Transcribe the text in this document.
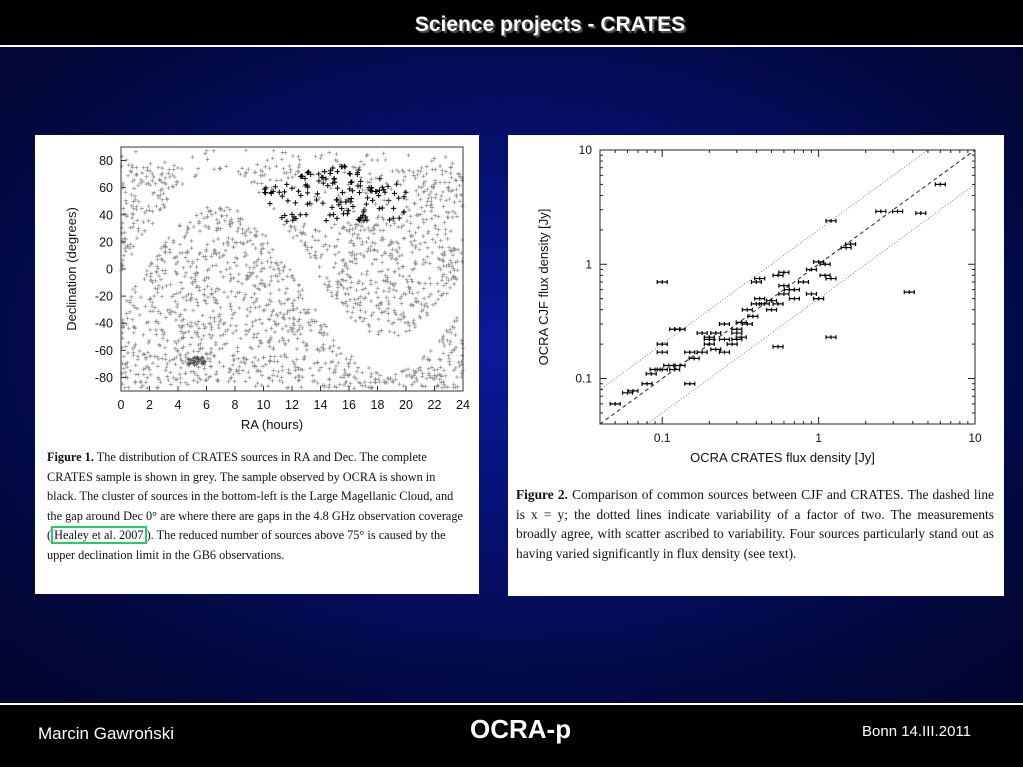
Science projects - CRATES
0 2 4 6 8 10 12 14 16 18 20 22 24
80
60
40
20
0
-20
-40
-60
-80
RA (hours)
Declination (degrees)
Figure 1. The distribution of CRATES sources in RA and Dec. The complete CRATES sample is shown in grey. The sample observed by OCRA is shown in black. The cluster of sources in the bottom-left is the Large Magellanic Cloud, and the gap around Dec 0° are where there are gaps in the 4.8 GHz observation coverage ( Healey et al. 2007 ). The reduced number of sources above 75° is caused by the upper declination limit in the GB6 observations.
0.1	1	10
10
1
0.1
OCRA CRATES flux density [Jy]
OCRA CJF flux density [Jy]
Figure 2. Comparison of common sources between CJF and CRATES. The dashed line is x = y; the dotted lines indicate variability of a factor of two. The measurements broadly agree, with scatter ascribed to variability. Four sources particularly stand out as having varied significantly in flux density (see text).
Marcin Gawroński	OCRA-p	Bonn 14.III.2011
